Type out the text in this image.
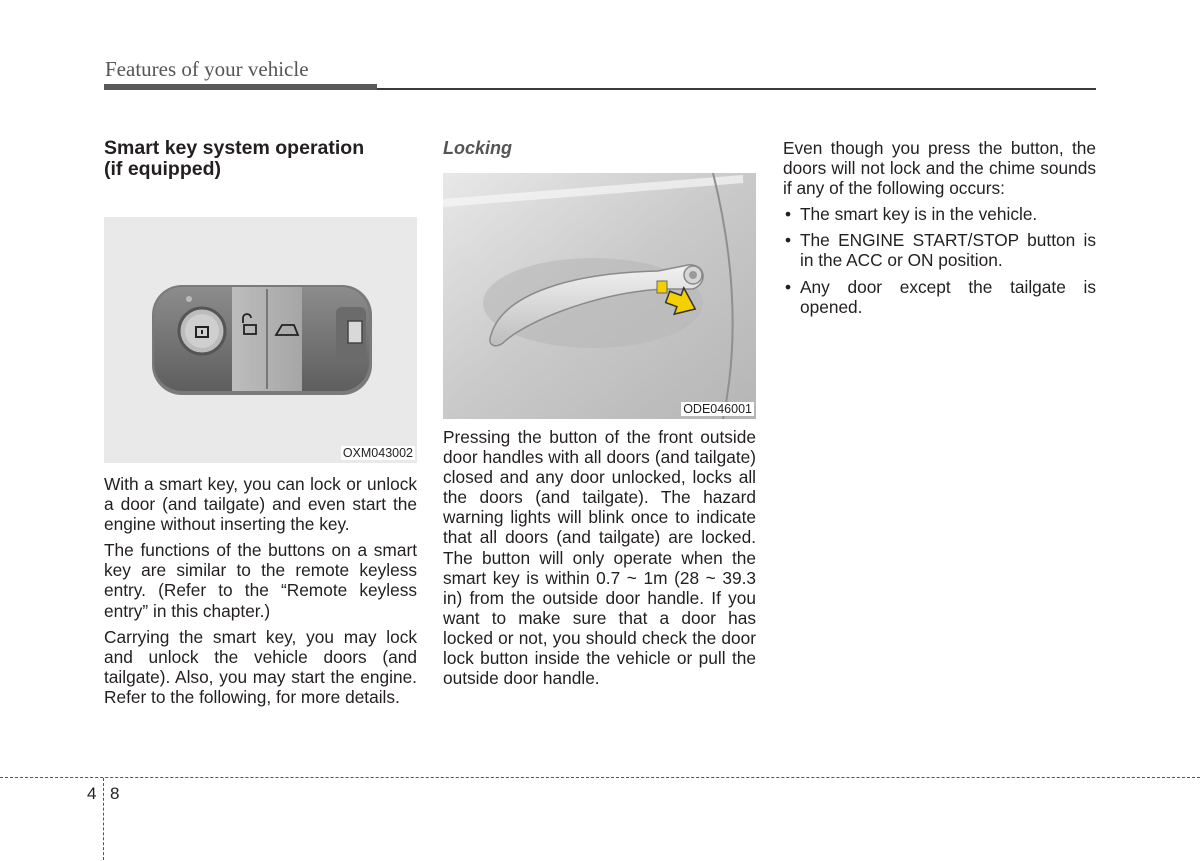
Features of your vehicle
Smart key system operation
(if equipped)
OXM043002

With a smart key, you can lock or unlock a door (and tailgate) and even start the engine without inserting the key.

The functions of the buttons on a smart key are similar to the remote keyless entry. (Refer to the “Remote keyless entry” in this chapter.)

Carrying the smart key, you may lock and unlock the vehicle doors (and tailgate). Also, you may start the engine. Refer to the following, for more details.

Locking
ODE046001

Pressing the button of the front outside door handles with all doors (and tailgate) closed and any door unlocked, locks all the doors (and tailgate). The hazard warning lights will blink once to indicate that all doors (and tailgate) are locked. The button will only operate when the smart key is within 0.7 ~ 1m (28 ~ 39.3 in) from the outside door handle. If you want to make sure that a door has locked or not, you should check the door lock button inside the vehicle or pull the outside door handle.

Even though you press the button, the doors will not lock and the chime sounds if any of the following occurs:

• The smart key is in the vehicle.
• The ENGINE START/STOP button is in the ACC or ON position.
• Any door except the tailgate is opened.
4 8
